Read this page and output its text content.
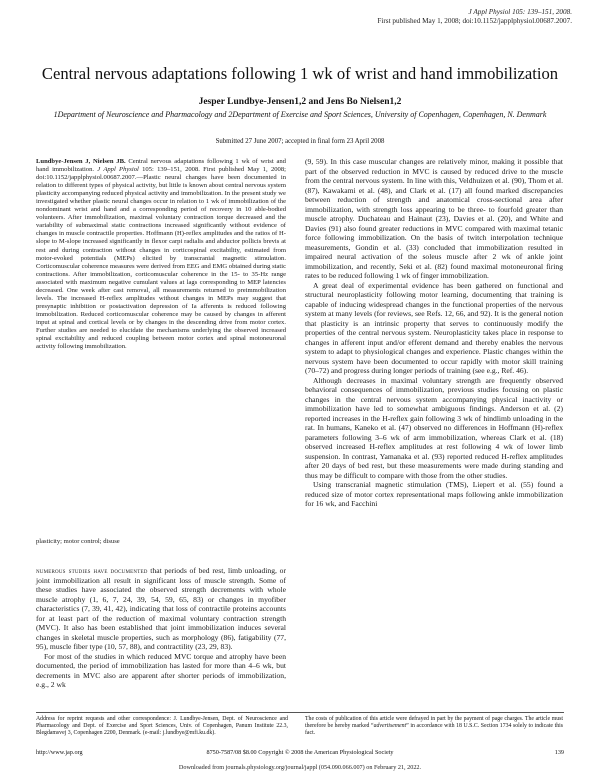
J Appl Physiol 105: 139–151, 2008.
First published May 1, 2008; doi:10.1152/japplphysiol.00687.2007.
Central nervous adaptations following 1 wk of wrist and hand immobilization
Jesper Lundbye-Jensen1,2 and Jens Bo Nielsen1,2
1Department of Neuroscience and Pharmacology and 2Department of Exercise and Sport Sciences, University of Copenhagen, Copenhagen, N. Denmark
Submitted 27 June 2007; accepted in final form 23 April 2008

Lundbye-Jensen J, Nielsen JB. Central nervous adaptations following 1 wk of wrist and hand immobilization. J Appl Physiol 105: 139–151, 2008. First published May 1, 2008; doi:10.1152/japplphysiol.00687.2007.—Plastic neural changes have been documented in relation to different types of physical activity, but little is known about central nervous system plasticity accompanying reduced physical activity and immobilization. In the present study we investigated whether plastic neural changes occur in relation to 1 wk of immobilization of the nondominant wrist and hand and a corresponding period of recovery in 10 able-bodied volunteers. After immobilization, maximal voluntary contraction torque decreased and the variability of submaximal static contractions increased significantly without evidence of changes in muscle contractile properties. Hoffmann (H)-reflex amplitudes and the ratios of H-slope to M-slope increased significantly in flexor carpi radialis and abductor pollicis brevis at rest and during contraction without changes in corticospinal excitability, estimated from motor-evoked potentials (MEPs) elicited by transcranial magnetic stimulation. Corticomuscular coherence measures were derived from EEG and EMG obtained during static contractions. After immobilization, corticomuscular coherence in the 15- to 35-Hz range associated with maximum negative cumulant values at lags corresponding to MEP latencies decreased. One week after cast removal, all measurements returned to preimmobilization levels. The increased H-reflex amplitudes without changes in MEPs may suggest that presynaptic inhibition or postactivation depression of Ia afferents is reduced following immobilization. Reduced corticomuscular coherence may be caused by changes in afferent input at spinal and cortical levels or by changes in the descending drive from motor cortex. Further studies are needed to elucidate the mechanisms underlying the observed increased spinal excitability and reduced coupling between motor cortex and spinal motoneuronal activity following immobilization.

plasticity; motor control; disuse

numerous studies have documented that periods of bed rest, limb unloading, or joint immobilization all result in significant loss of muscle strength. Some of these studies have associated the observed strength decrements with whole muscle atrophy (1, 6, 7, 24, 39, 54, 59, 65, 83) or changes in myofiber characteristics (7, 39, 41, 42), indicating that loss of contractile proteins accounts for at least part of the reduction of maximal voluntary contraction strength (MVC). It also has been established that joint immobilization induces several changes in skeletal muscle properties, such as morphology (86), fatigability (77, 95), muscle fiber type (10, 57, 88), and contractility (23, 29, 83).

For most of the studies in which reduced MVC torque and atrophy have been documented, the period of immobilization has lasted for more than 4–6 wk, but decrements in MVC also are apparent after shorter periods of immobilization, e.g., 2 wk

(9, 59). In this case muscular changes are relatively minor, making it possible that part of the observed reduction in MVC is caused by reduced drive to the muscle from the central nervous system. In line with this, Veldhuizen et al. (90), Thom et al. (87), Kawakami et al. (48), and Clark et al. (17) all found marked discrepancies between reduction of strength and anatomical cross-sectional area after immobilization, with strength loss appearing to be three- to fourfold greater than muscle atrophy. Duchateau and Hainaut (23), Davies et al. (20), and White and Davies (91) also found greater reductions in MVC compared with maximal tetanic force following immobilization. On the basis of twitch interpolation technique measurements, Gondin et al. (33) concluded that immobilization resulted in impaired neural activation of the soleus muscle after 2 wk of ankle joint immobilization, and recently, Seki et al. (82) found maximal motoneuronal firing rates to be reduced following 1 wk of finger immobilization.

A great deal of experimental evidence has been gathered on functional and structural neuroplasticity following motor learning, documenting that training is capable of inducing widespread changes in the functional properties of the nervous system at many levels (for reviews, see Refs. 12, 66, and 92). It is the general notion that plasticity is an intrinsic property that serves to continuously modify the properties of the central nervous system. Neuroplasticity takes place in response to changes in afferent input and/or efferent demand and thereby enables the nervous system to adapt to physiological changes and experience. Plastic changes within the nervous system have been documented to occur rapidly with motor skill training (70–72) and progress during longer periods of training (see e.g., Ref. 46).

Although decreases in maximal voluntary strength are frequently observed behavioral consequences of immobilization, previous studies focusing on plastic changes in the central nervous system accompanying physical inactivity or immobilization have led to somewhat ambiguous findings. Anderson et al. (2) reported increases in the H-reflex gain following 3 wk of hindlimb unloading in the rat. In humans, Kaneko et al. (47) observed no differences in Hoffmann (H)-reflex parameters following 3–6 wk of arm immobilization, whereas Clark et al. (18) observed increased H-reflex amplitudes at rest following 4 wk of lower limb suspension. In contrast, Yamanaka et al. (93) reported reduced H-reflex amplitudes after 20 days of bed rest, but these measurements were made during standing and thus may be difficult to compare with those from the other studies.

Using transcranial magnetic stimulation (TMS), Liepert et al. (55) found a reduced size of motor cortex representational maps following ankle immobilization for 16 wk, and Facchini

Address for reprint requests and other correspondence: J. Lundbye-Jensen, Dept. of Neuroscience and Pharmacology and Dept. of Exercise and Sport Sciences, Univ. of Copenhagen, Panum Institute 22.3, Blegdamsvej 3, Copenhagen 2200, Denmark. (e-mail: j.lundbye@mfi.ku.dk).
The costs of publication of this article were defrayed in part by the payment of page charges. The article must therefore be hereby marked “advertisement” in accordance with 18 U.S.C. Section 1734 solely to indicate this fact.
http://www.jap.org	8750-7587/08 $8.00 Copyright © 2008 the American Physiological Society	139
Downloaded from journals.physiology.org/journal/jappl (054.090.066.007) on February 21, 2022.
